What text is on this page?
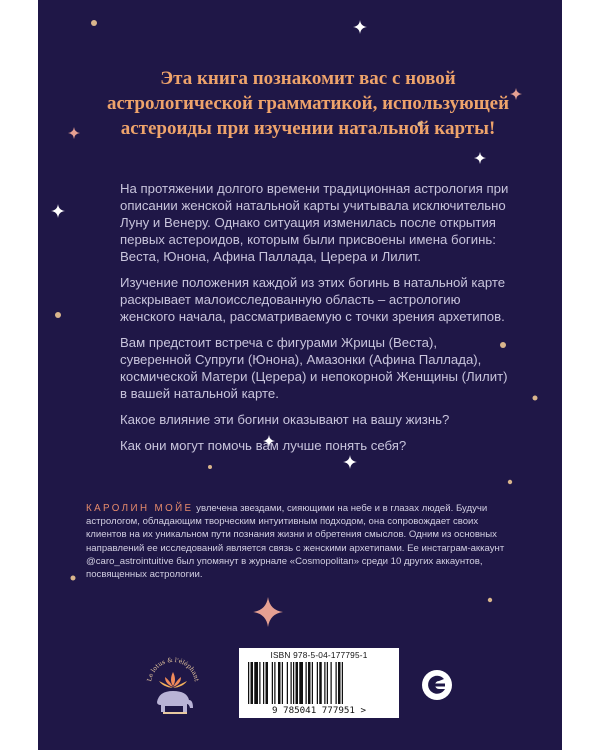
Эта книга познакомит вас с новой астрологической грамматикой, использующей астероиды при изучении натальной карты!

На протяжении долгого времени традиционная астрология при описании женской натальной карты учитывала исключительно Луну и Венеру. Однако ситуация изменилась после открытия первых астероидов, которым были присвоены имена богинь: Веста, Юнона, Афина Паллада, Церера и Лилит.

Изучение положения каждой из этих богинь в натальной карте раскрывает малоисследованную область – астрологию женского начала, рассматриваемую с точки зрения архетипов.

Вам предстоит встреча с фигурами Жрицы (Веста), суверенной Супруги (Юнона), Амазонки (Афина Паллада), космической Матери (Церера) и непокорной Женщины (Лилит) в вашей натальной карте.

Какое влияние эти богини оказывают на вашу жизнь?

Как они могут помочь вам лучше понять себя?

КАРОЛИН МОЙЕ увлечена звездами, сияющими на небе и в глазах людей. Будучи астрологом, обладающим творческим интуитивным подходом, она сопровождает своих клиентов на их уникальном пути познания жизни и обретения смыслов. Одним из основных направлений ее исследований является связь с женскими архетипами. Ее инстаграм-аккаунт @caro_astrointuitive был упомянут в журнале «Cosmopolitan» среди 10 других аккаунтов, посвященных астрологии.
Le lotus & l'éléphant
ISBN 978-5-04-177795-1
9 785041 777951 >
